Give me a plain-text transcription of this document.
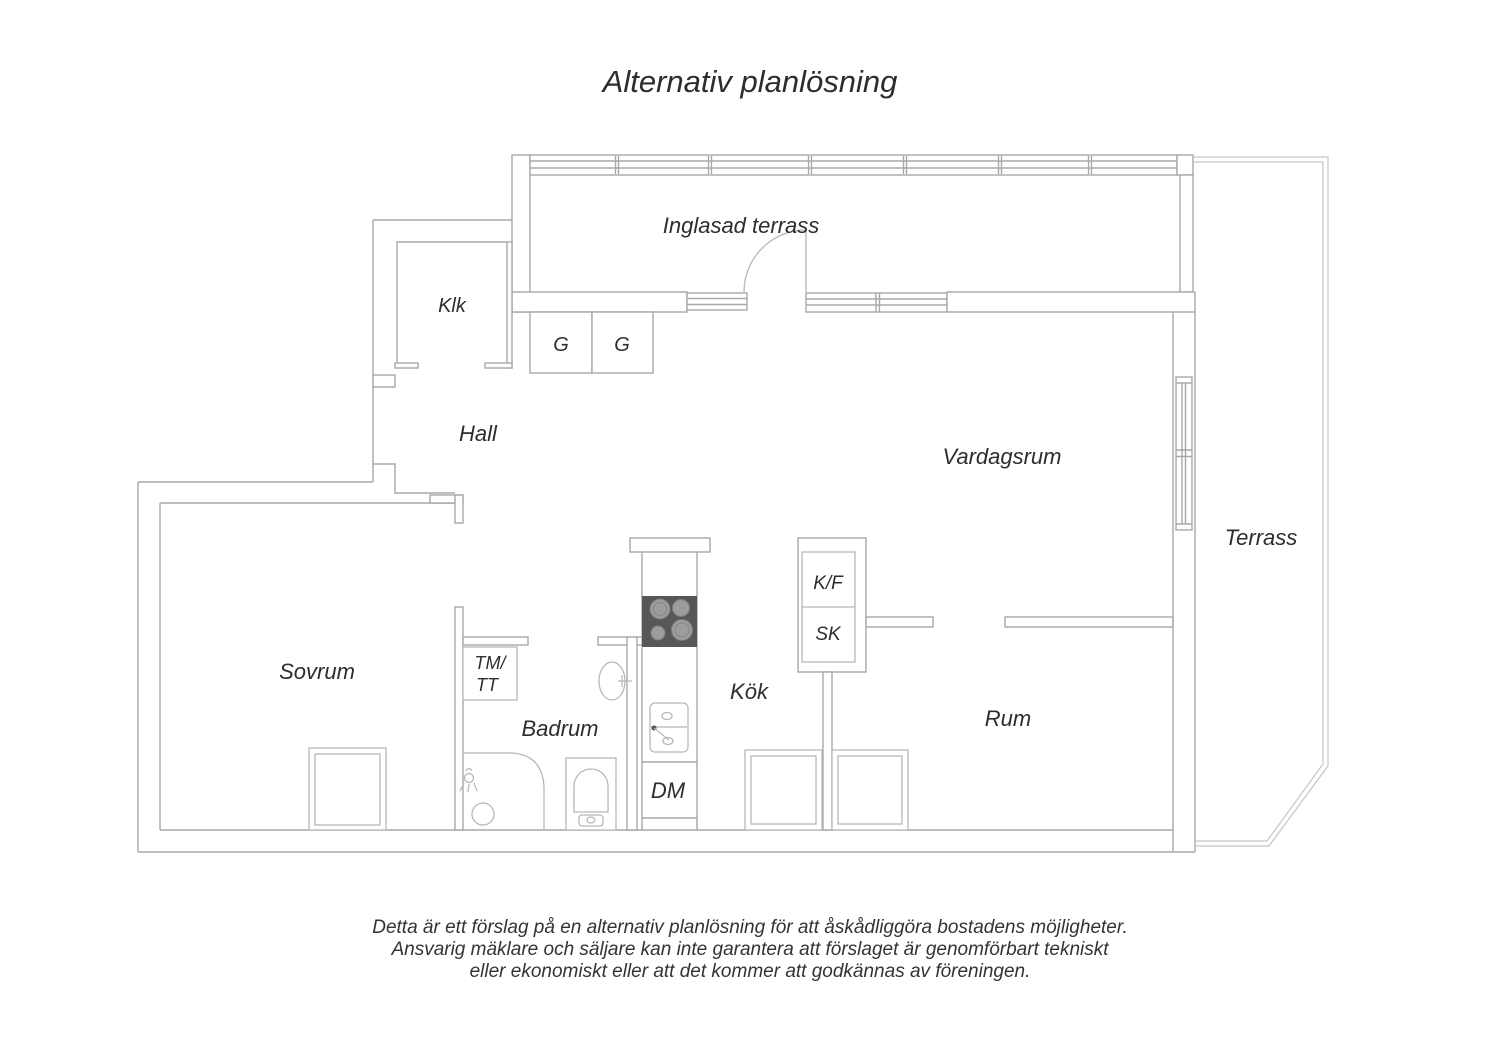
Alternativ planlösning
Inglasad terrass
Klk
G G
Hall
Vardagsrum
Terrass
Sovrum	TM/
TT
Badrum
Kök
K/F
SK
Rum
DM
Detta är ett förslag på en alternativ planlösning för att åskådliggöra bostadens möjligheter.
Ansvarig mäklare och säljare kan inte garantera att förslaget är genomförbart tekniskt
eller ekonomiskt eller att det kommer att godkännas av föreningen.
